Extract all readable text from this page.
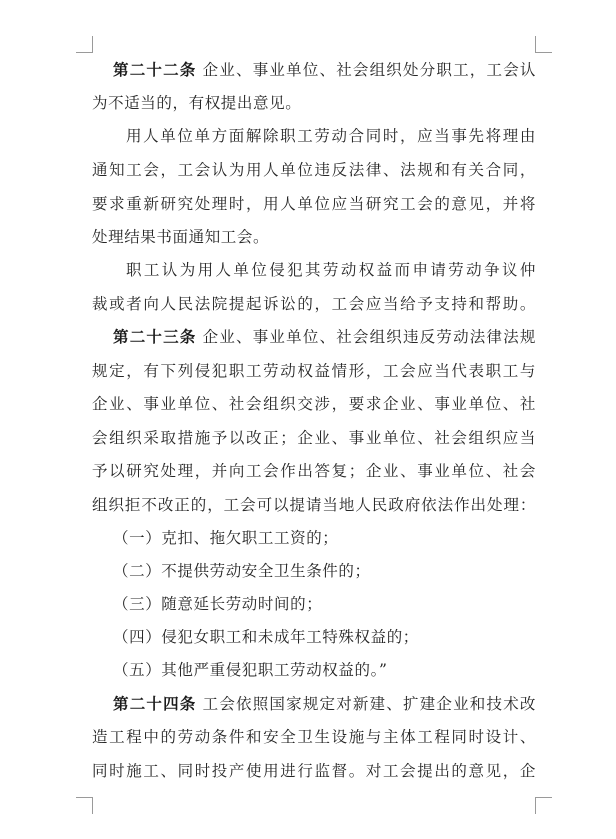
第二十二条 企业、事业单位、社会组织处分职工，工会认
为不适当的，有权提出意见。
用人单位单方面解除职工劳动合同时，应当事先将理由
通知工会，工会认为用人单位违反法律、法规和有关合同，
要求重新研究处理时，用人单位应当研究工会的意见，并将
处理结果书面通知工会。
职工认为用人单位侵犯其劳动权益而申请劳动争议仲
裁或者向人民法院提起诉讼的，工会应当给予支持和帮助。
第二十三条 企业、事业单位、社会组织违反劳动法律法规
规定，有下列侵犯职工劳动权益情形，工会应当代表职工与
企业、事业单位、社会组织交涉，要求企业、事业单位、社
会组织采取措施予以改正；企业、事业单位、社会组织应当
予以研究处理，并向工会作出答复；企业、事业单位、社会
组织拒不改正的，工会可以提请当地人民政府依法作出处理：
（一）克扣、拖欠职工工资的；
（二）不提供劳动安全卫生条件的；
（三）随意延长劳动时间的；
（四）侵犯女职工和未成年工特殊权益的；
（五）其他严重侵犯职工劳动权益的。”
第二十四条 工会依照国家规定对新建、扩建企业和技术改
造工程中的劳动条件和安全卫生设施与主体工程同时设计、
同时施工、同时投产使用进行监督。对工会提出的意见，企
